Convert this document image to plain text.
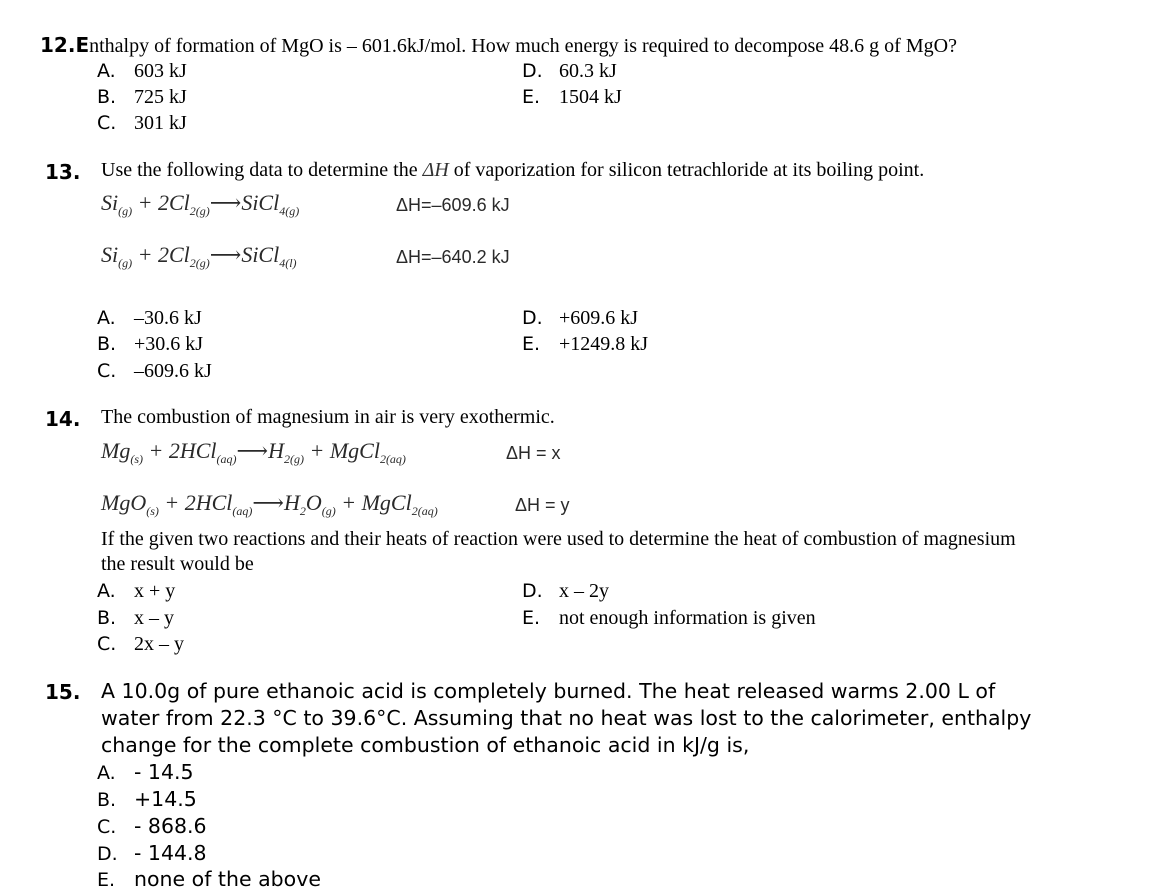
12.Enthalpy of formation of MgO is – 601.6kJ/mol. How much energy is required to decompose 48.6 g of MgO?
A. 603 kJ
B. 725 kJ
C. 301 kJ
D. 60.3 kJ
E. 1504 kJ
13. Use the following data to determine the ΔH of vaporization for silicon tetrachloride at its boiling point.
$Si_{(g)}$ + $2Cl_{2(g)}⟶SiCl_{4(g)}$	ΔH=–609.6 kJ
$Si_{(g)}$ + $2Cl_{2(g)}⟶SiCl_{4(l)}$	ΔH=–640.2 kJ
A. –30.6 kJ
B. +30.6 kJ
C. –609.6 kJ
D. +609.6 kJ
E. +1249.8 kJ
14. The combustion of magnesium in air is very exothermic.
$Mg_{(s)}$ + $2HCl_{(aq)}⟶H_{2(g)}$ + MgCl$_{2(aq)}$	ΔH = x
$MgO_{(s)} + 2HCl_{(aq)}⟶H_2O_{(g)}$ + MgCl$_{2(aq)}$	ΔH = y
If the given two reactions and their heats of reaction were used to determine the heat of combustion of magnesium
the result would be
A. x + y
B. x – y
C. 2x – y
D. x – 2y
E. not enough information is given
15. A 10.0g of pure ethanoic acid is completely burned. The heat released warms 2.00 L of
water from 22.3 °C to 39.6°C. Assuming that no heat was lost to the calorimeter, enthalpy
change for the complete combustion of ethanoic acid in kJ/g is,
A. - 14.5
B. +14.5
C. - 868.6
D. - 144.8
E. none of the above
